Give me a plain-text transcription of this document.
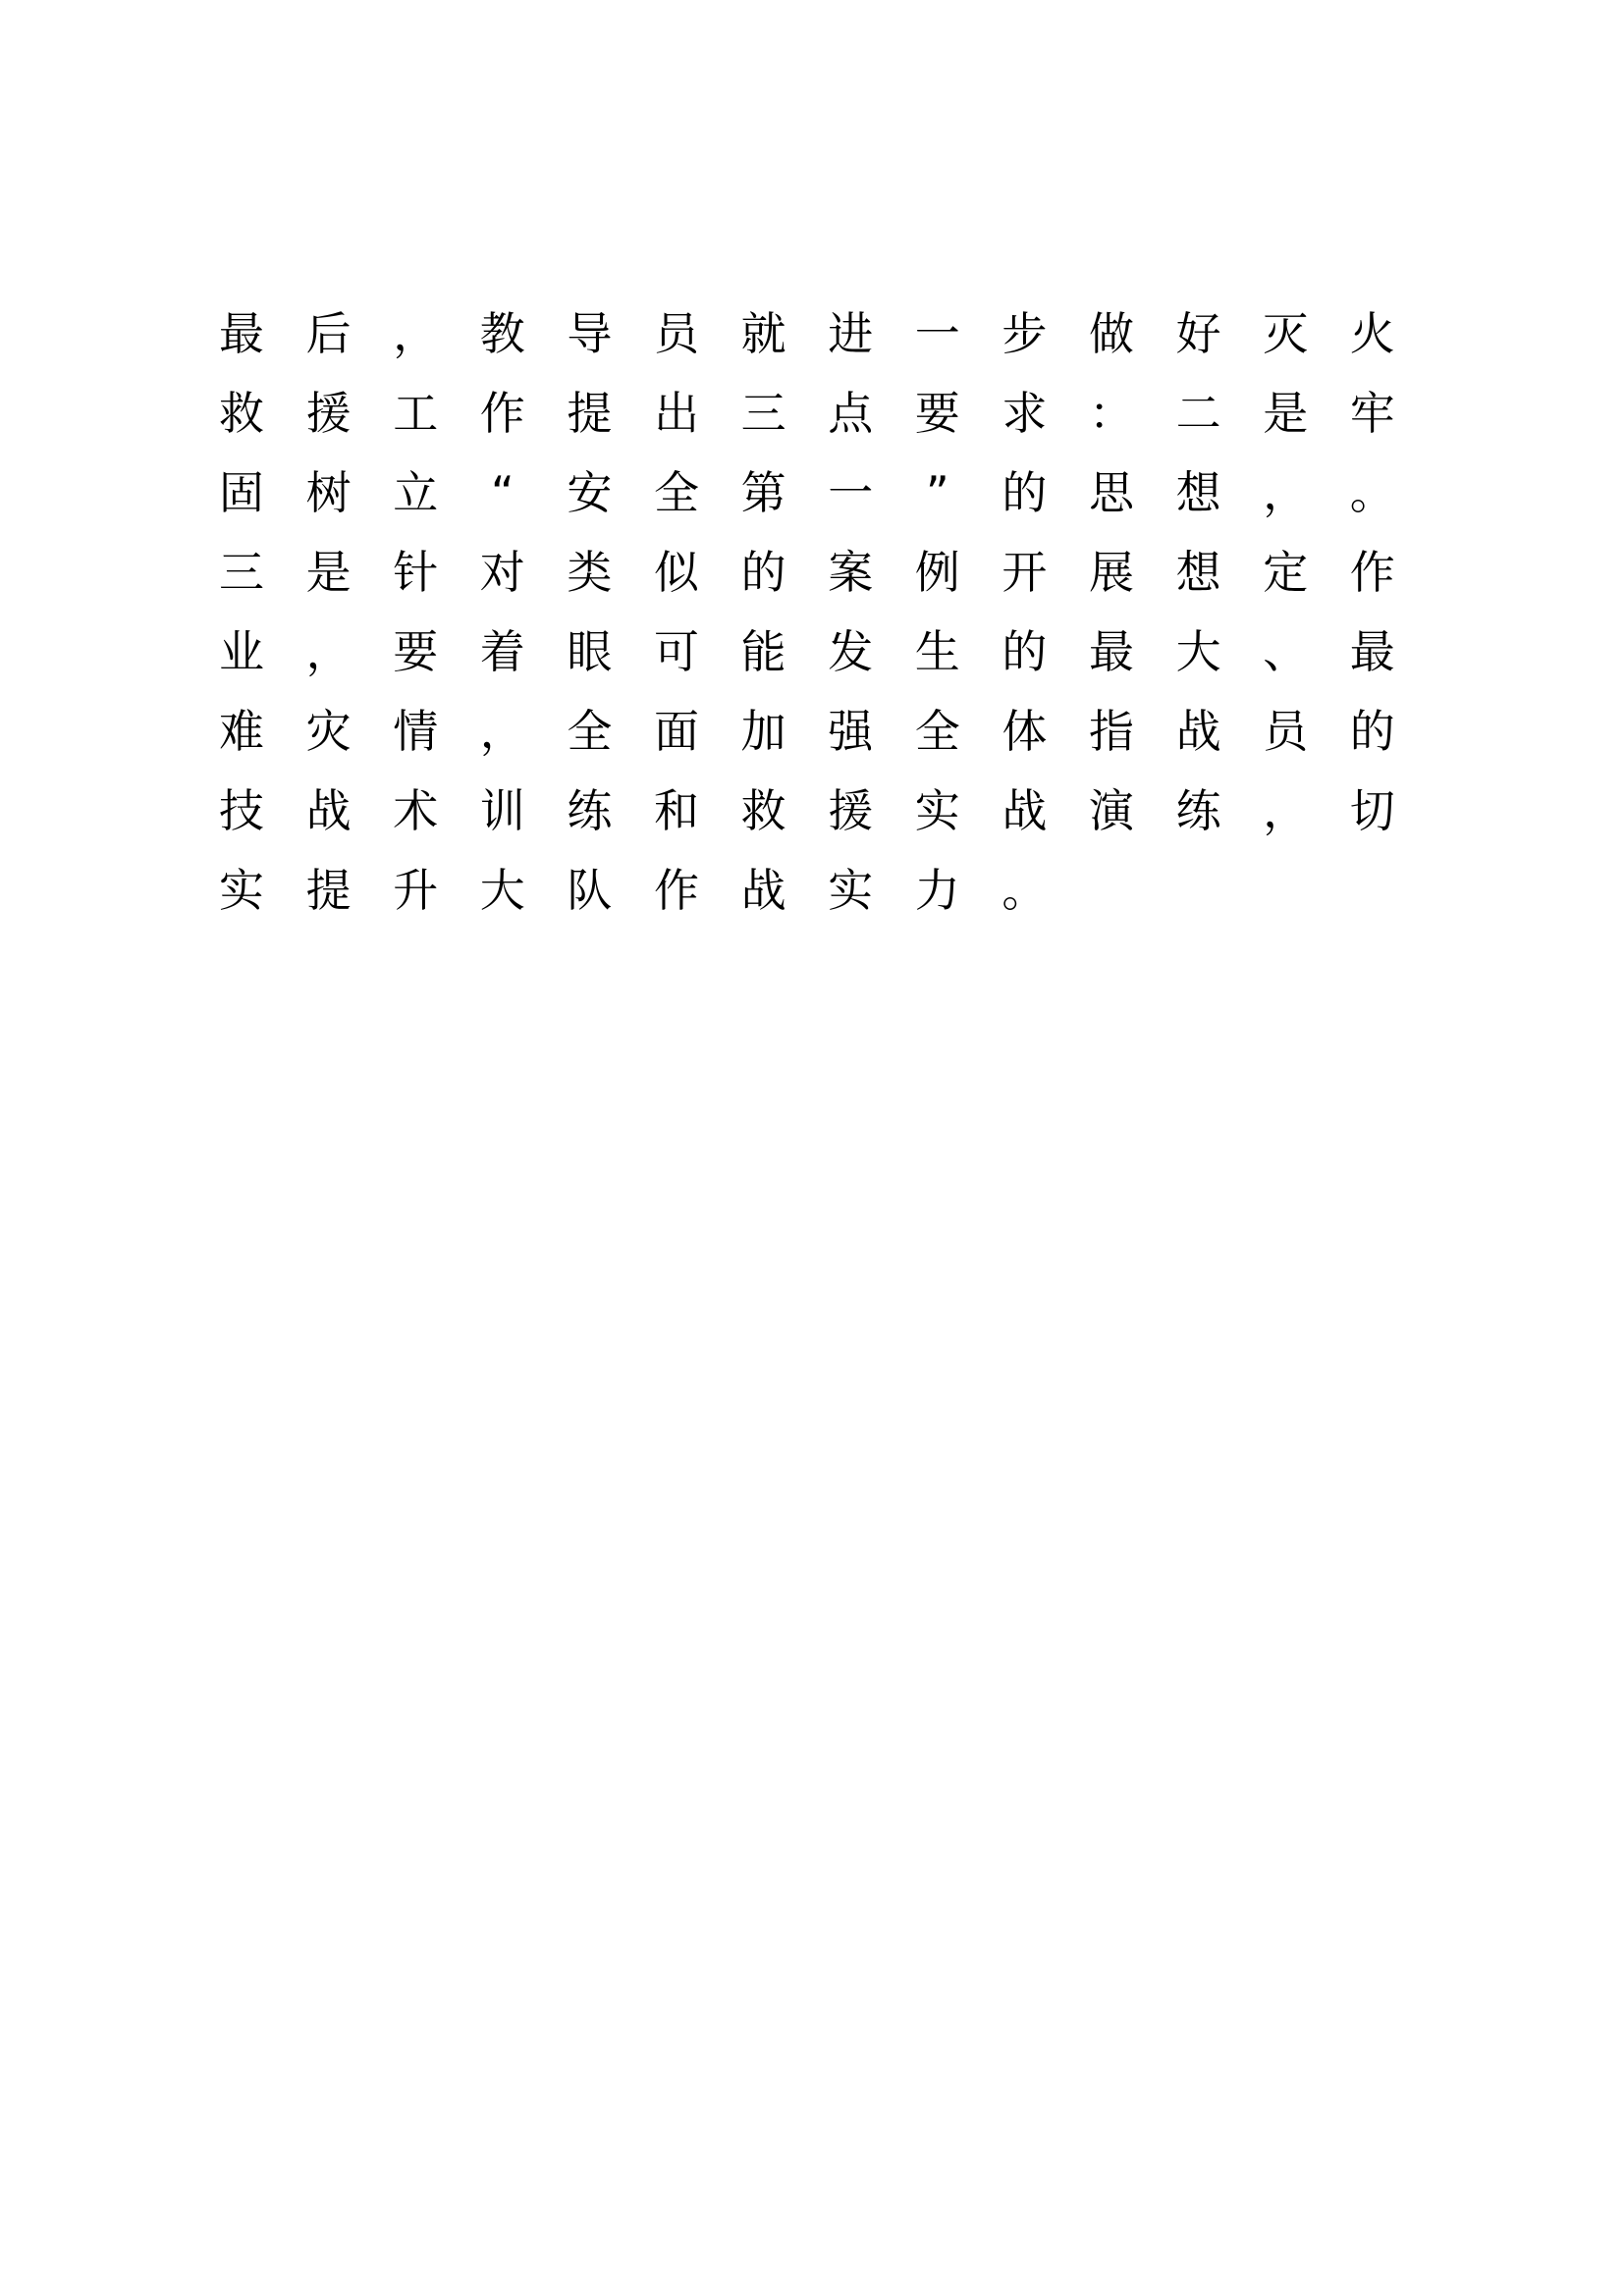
最 后 ， 教 导 员 就 进 一 步 做 好 灭 火
救 援 工 作 提 出 三 点 要 求 ： 二 是 牢
固 树 立	“	安 全 第 一	”	的 思 想 ， 。
三 是 针 对 类 似 的 案 例 开 展 想 定 作
业 ， 要 着 眼 可 能 发 生 的 最 大 、 最
难 灾 情 ， 全 面 加 强 全 体 指 战 员 的
技 战 术 训 练 和 救 援 实 战 演 练 ， 切
实 提 升 大 队 作 战 实 力 。
